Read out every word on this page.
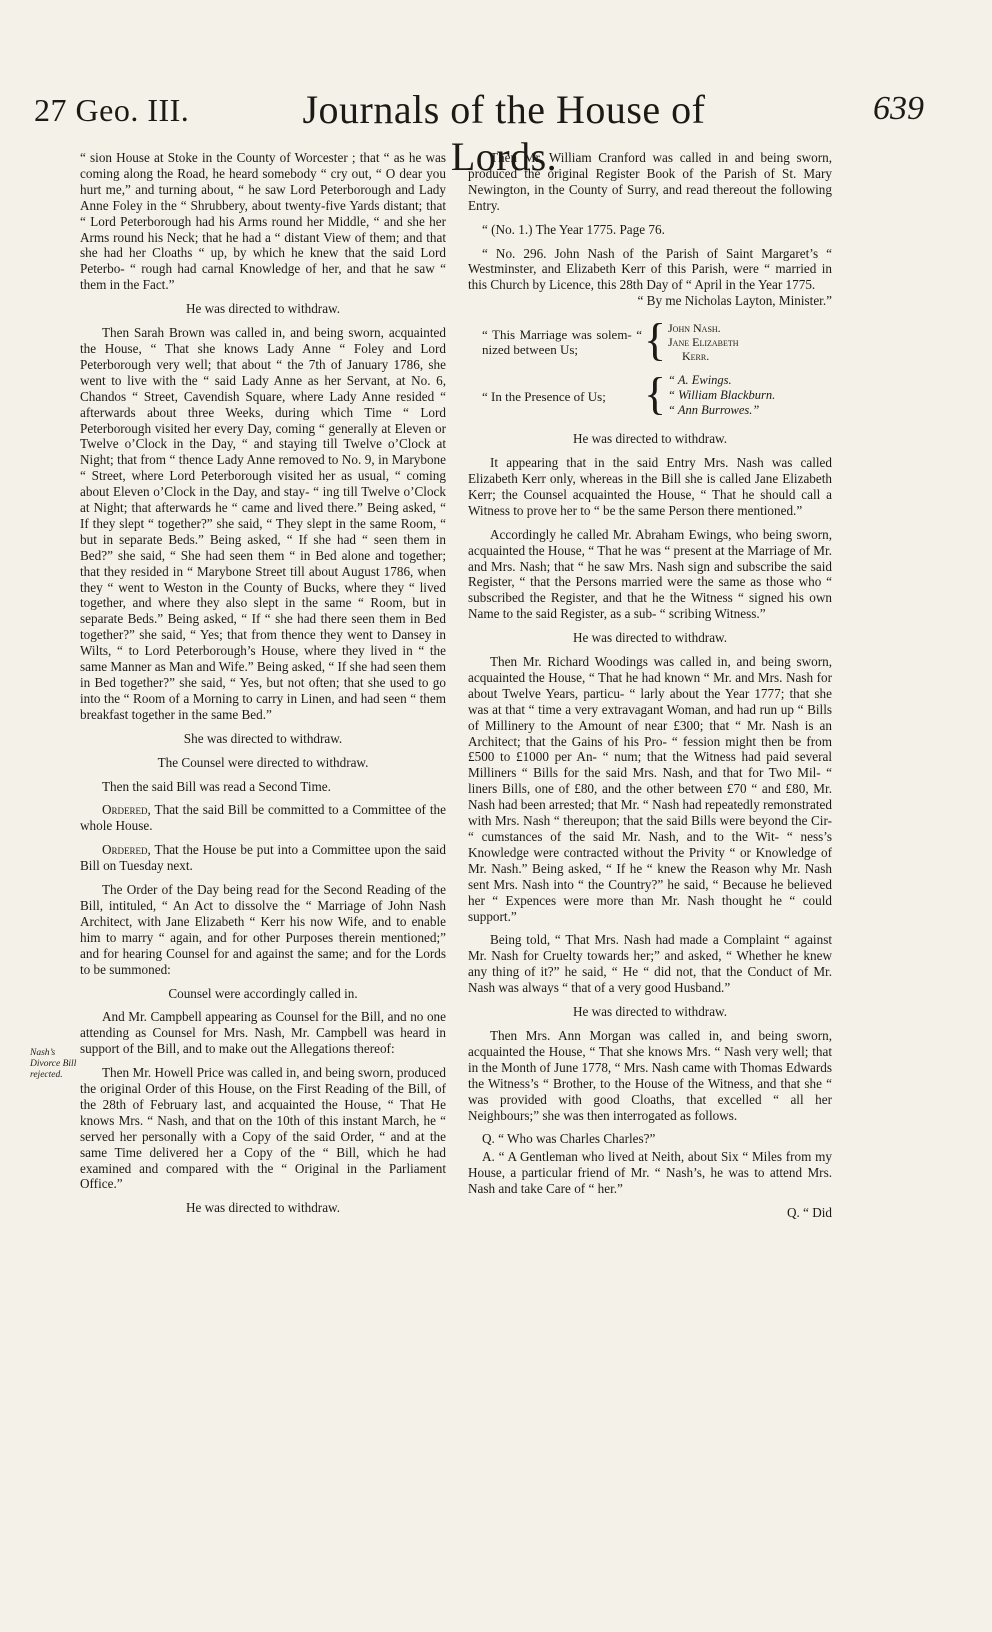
27 Geo. III.	Journals of the House of Lords.
639
Nash’s Divorce Bill rejected.

“ sion House at Stoke in the County of Worcester ; that “ as he was coming along the Road, he heard somebody “ cry out, “ O dear you hurt me,” and turning about, “ he saw Lord Peterborough and Lady Anne Foley in the “ Shrubbery, about twenty-five Yards distant; that “ Lord Peterborough had his Arms round her Middle, “ and she her Arms round his Neck; that he had a “ distant View of them; and that she had her Cloaths “ up, by which he knew that the said Lord Peterbo- “ rough had carnal Knowledge of her, and that he saw “ them in the Fact.”

He was directed to withdraw.

Then Sarah Brown was called in, and being sworn, acquainted the House, “ That she knows Lady Anne “ Foley and Lord Peterborough very well; that about “ the 7th of January 1786, she went to live with the “ said Lady Anne as her Servant, at No. 6, Chandos “ Street, Cavendish Square, where Lady Anne resided “ afterwards about three Weeks, during which Time “ Lord Peterborough visited her every Day, coming “ generally at Eleven or Twelve o’Clock in the Day, “ and staying till Twelve o’Clock at Night; that from “ thence Lady Anne removed to No. 9, in Marybone “ Street, where Lord Peterborough visited her as usual, “ coming about Eleven o’Clock in the Day, and stay- “ ing till Twelve o’Clock at Night; that afterwards he “ came and lived there.” Being asked, “ If they slept “ together?” she said, “ They slept in the same Room, “ but in separate Beds.” Being asked, “ If she had “ seen them in Bed?” she said, “ She had seen them “ in Bed alone and together; that they resided in “ Marybone Street till about August 1786, when they “ went to Weston in the County of Bucks, where they “ lived together, and where they also slept in the same “ Room, but in separate Beds.” Being asked, “ If “ she had there seen them in Bed together?” she said, “ Yes; that from thence they went to Dansey in Wilts, “ to Lord Peterborough’s House, where they lived in “ the same Manner as Man and Wife.” Being asked, “ If she had seen them in Bed together?” she said, “ Yes, but not often; that she used to go into the “ Room of a Morning to carry in Linen, and had seen “ them breakfast together in the same Bed.”

She was directed to withdraw.

The Counsel were directed to withdraw.

Then the said Bill was read a Second Time.

Ordered, That the said Bill be committed to a Committee of the whole House.

Ordered, That the House be put into a Committee upon the said Bill on Tuesday next.

The Order of the Day being read for the Second Reading of the Bill, intituled, “ An Act to dissolve the “ Marriage of John Nash Architect, with Jane Elizabeth “ Kerr his now Wife, and to enable him to marry “ again, and for other Purposes therein mentioned;” and for hearing Counsel for and against the same; and for the Lords to be summoned:

Counsel were accordingly called in.

And Mr. Campbell appearing as Counsel for the Bill, and no one attending as Counsel for Mrs. Nash, Mr. Campbell was heard in support of the Bill, and to make out the Allegations thereof:

Then Mr. Howell Price was called in, and being sworn, produced the original Order of this House, on the First Reading of the Bill, of the 28th of February last, and acquainted the House, “ That He knows Mrs. “ Nash, and that on the 10th of this instant March, he “ served her personally with a Copy of the said Order, “ and at the same Time delivered her a Copy of the “ Bill, which he had examined and compared with the “ Original in the Parliament Office.”

He was directed to withdraw.

Then Mr. William Cranford was called in and being sworn, produced the original Register Book of the Parish of St. Mary Newington, in the County of Surry, and read thereout the following Entry.

“ (No. 1.) The Year 1775. Page 76.

“ No. 296. John Nash of the Parish of Saint Margaret’s “ Westminster, and Elizabeth Kerr of this Parish, were “ married in this Church by Licence, this 28th Day of “ April in the Year 1775.

“ By me Nicholas Layton, Minister.”

“ This Marriage was solem- “ nized between Us;	{ John Nash.
Jane Elizabeth
Kerr.
“ In the Presence of Us; { “ A. Ewings.
“ William Blackburn.
“ Ann Burrowes.”

He was directed to withdraw.

It appearing that in the said Entry Mrs. Nash was called Elizabeth Kerr only, whereas in the Bill she is called Jane Elizabeth Kerr; the Counsel acquainted the House, “ That he should call a Witness to prove her to “ be the same Person there mentioned.”

Accordingly he called Mr. Abraham Ewings, who being sworn, acquainted the House, “ That he was “ present at the Marriage of Mr. and Mrs. Nash; that “ he saw Mrs. Nash sign and subscribe the said Register, “ that the Persons married were the same as those who “ subscribed the Register, and that he the Witness “ signed his own Name to the said Register, as a sub- “ scribing Witness.”

He was directed to withdraw.

Then Mr. Richard Woodings was called in, and being sworn, acquainted the House, “ That he had known “ Mr. and Mrs. Nash for about Twelve Years, particu- “ larly about the Year 1777; that she was at that “ time a very extravagant Woman, and had run up “ Bills of Millinery to the Amount of near £300; that “ Mr. Nash is an Architect; that the Gains of his Pro- “ fession might then be from £500 to £1000 per An- “ num; that the Witness had paid several Milliners “ Bills for the said Mrs. Nash, and that for Two Mil- “ liners Bills, one of £80, and the other between £70 “ and £80, Mr. Nash had been arrested; that Mr. “ Nash had repeatedly remonstrated with Mrs. Nash “ thereupon; that the said Bills were beyond the Cir- “ cumstances of the said Mr. Nash, and to the Wit- “ ness’s Knowledge were contracted without the Privity “ or Knowledge of Mr. Nash.” Being asked, “ If he “ knew the Reason why Mr. Nash sent Mrs. Nash into “ the Country?” he said, “ Because he believed her “ Expences were more than Mr. Nash thought he “ could support.”

Being told, “ That Mrs. Nash had made a Complaint “ against Mr. Nash for Cruelty towards her;” and asked, “ Whether he knew any thing of it?” he said, “ He “ did not, that the Conduct of Mr. Nash was always “ that of a very good Husband.”

He was directed to withdraw.

Then Mrs. Ann Morgan was called in, and being sworn, acquainted the House, “ That she knows Mrs. “ Nash very well; that in the Month of June 1778, “ Mrs. Nash came with Thomas Edwards the Witness’s “ Brother, to the House of the Witness, and that she “ was provided with good Cloaths, that excelled “ all her Neighbours;” she was then interrogated as follows.

Q. “ Who was Charles Charles?”

A. “ A Gentleman who lived at Neith, about Six “ Miles from my House, a particular friend of Mr. “ Nash’s, he was to attend Mrs. Nash and take Care of “ her.”

Q. “ Did
